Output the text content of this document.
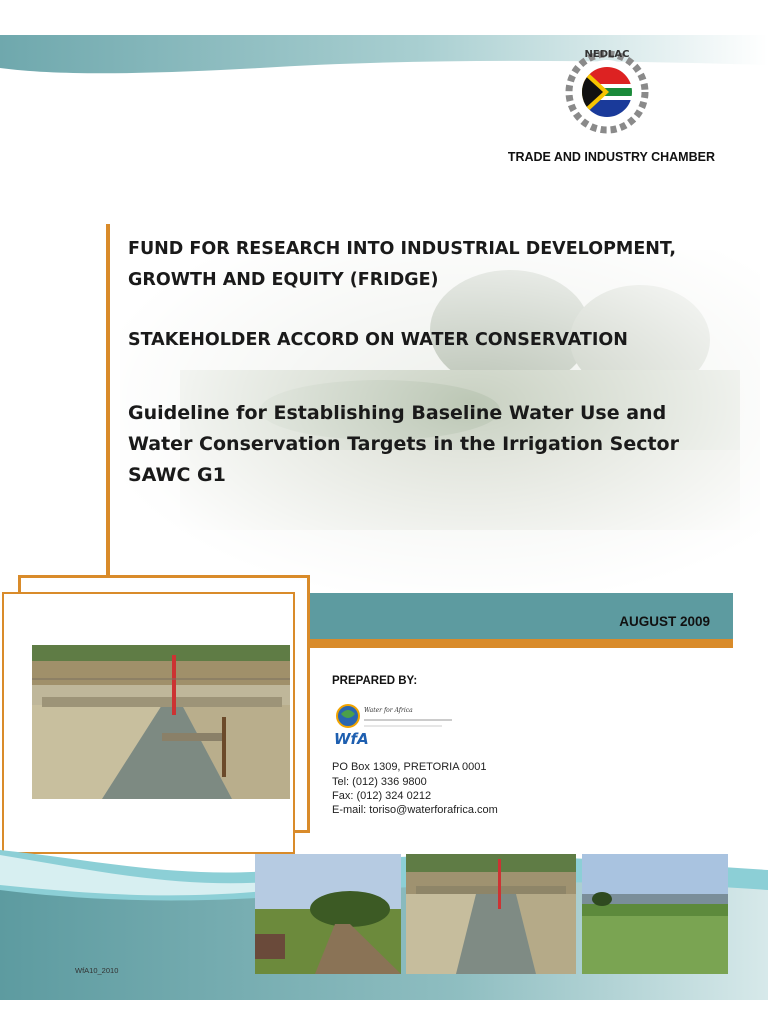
NEDLAC
TRADE AND INDUSTRY CHAMBER
FUND FOR RESEARCH INTO INDUSTRIAL DEVELOPMENT, GROWTH AND EQUITY (FRIDGE)
STAKEHOLDER ACCORD ON WATER CONSERVATION
Guideline for Establishing Baseline Water Use and Water Conservation Targets in the Irrigation Sector SAWC G1
AUGUST 2009
PREPARED BY:
WfA
Water for Africa
PO Box 1309, PRETORIA 0001
Tel: (012) 336 9800
Fax: (012) 324 0212
E-mail: toriso@waterforafrica.com
WfA10_2010
